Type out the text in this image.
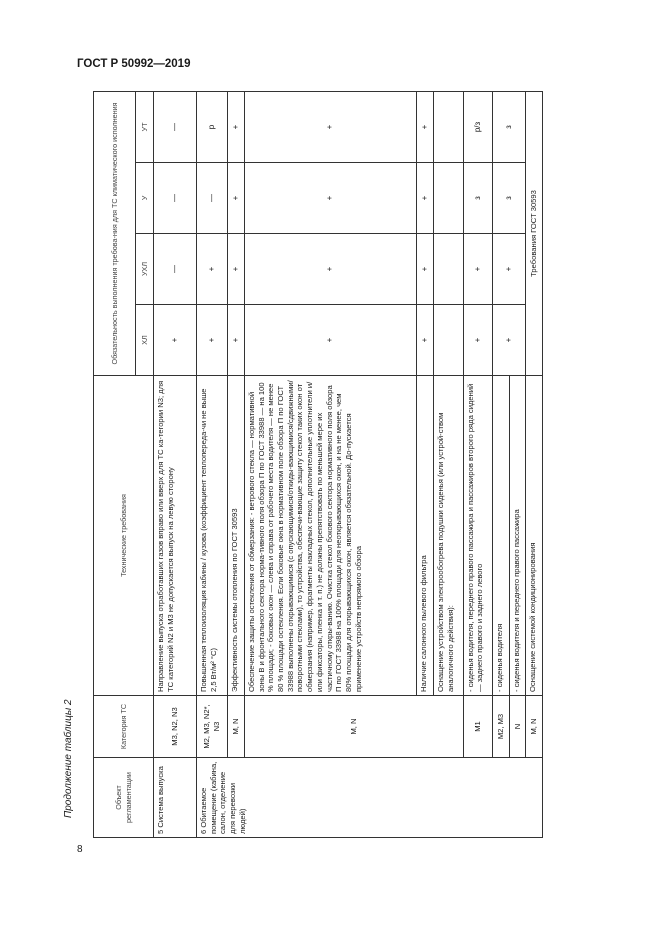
ГОСТ Р 50992—2019
Продолжение таблицы 2
8
Объект регламентации	Категория ТС	Технические требования	Обязательность выполнения требова-ния для ТС климатического исполнения			
			ХЛ	УХЛ	У	УТ
5 Система выпуска	M3, N2, N3	Направление выпуска отработавших газов вправо или вверх для ТС ка-тегории N3; для ТС категорий N2 и M3 не допускается выпуск на левую сторону	+	—	—	—
6 Обитаемое помещение (кабина, салон, отделение для перевозки людей)	M2, M3, N2*, N3	Повышенная теплоизоляция кабины / кузова (коэффициент теплопереда-чи не выше 2,5 Вт/м² °С)	+	+	—	p
	M, N	Эффективность системы отопления по ГОСТ 30593	+	+	+	+
	M, N	Обеспечение защиты остекления от обмерзания: - ветрового стекла — нормативной зоны B и фронтального сектора норма-тивного поля обзора П по ГОСТ 33988 — на 100 % площади; - боковых окон — слева и справа от рабочего места водителя — не менее 80 % площади остекления. Если боковые окна в нормативном поле обзора П по ГОСТ 33988 выполнены открывающимися (с опускающимися/откиды-вающимися/сдвижными/поворотными стеклами), то устройства, обеспечи-вающие защиту стекол таких окон от обмерзания (например, фрагменты накладных стекол, дополнительные уплотнители и/или фиксаторы, пленка и т. п.) не должны препятствовать по меньшей мере их частичному откры-ванию. Очистка стекол бокового сектора нормативного поля обзора П по ГОСТ 33988 на 100% площади для неоткрывающихся окон, и на не менее, чем 80% площади для открывающихся окон, является обязательной. До-пускается применение устройств непрямого обзора	+	+	+	+
		Наличие салонного пылевого фильтра	+	+	+	+
		Оснащение устройством электрообогрева подушки сиденья (или устрой-ством аналогичного действия):				
	M1	- сиденья водителя, переднего правого пассажира и пассажиров второго ряда сидений — заднего правого и заднего левого	+	+	з	р/з
	M2, M3	- сиденья водителя	+	+	з	з
	N	- сиденья водителя и переднего правого пассажира				
	M, N	Оснащение системой кондиционирования	Требования ГОСТ 30593			
